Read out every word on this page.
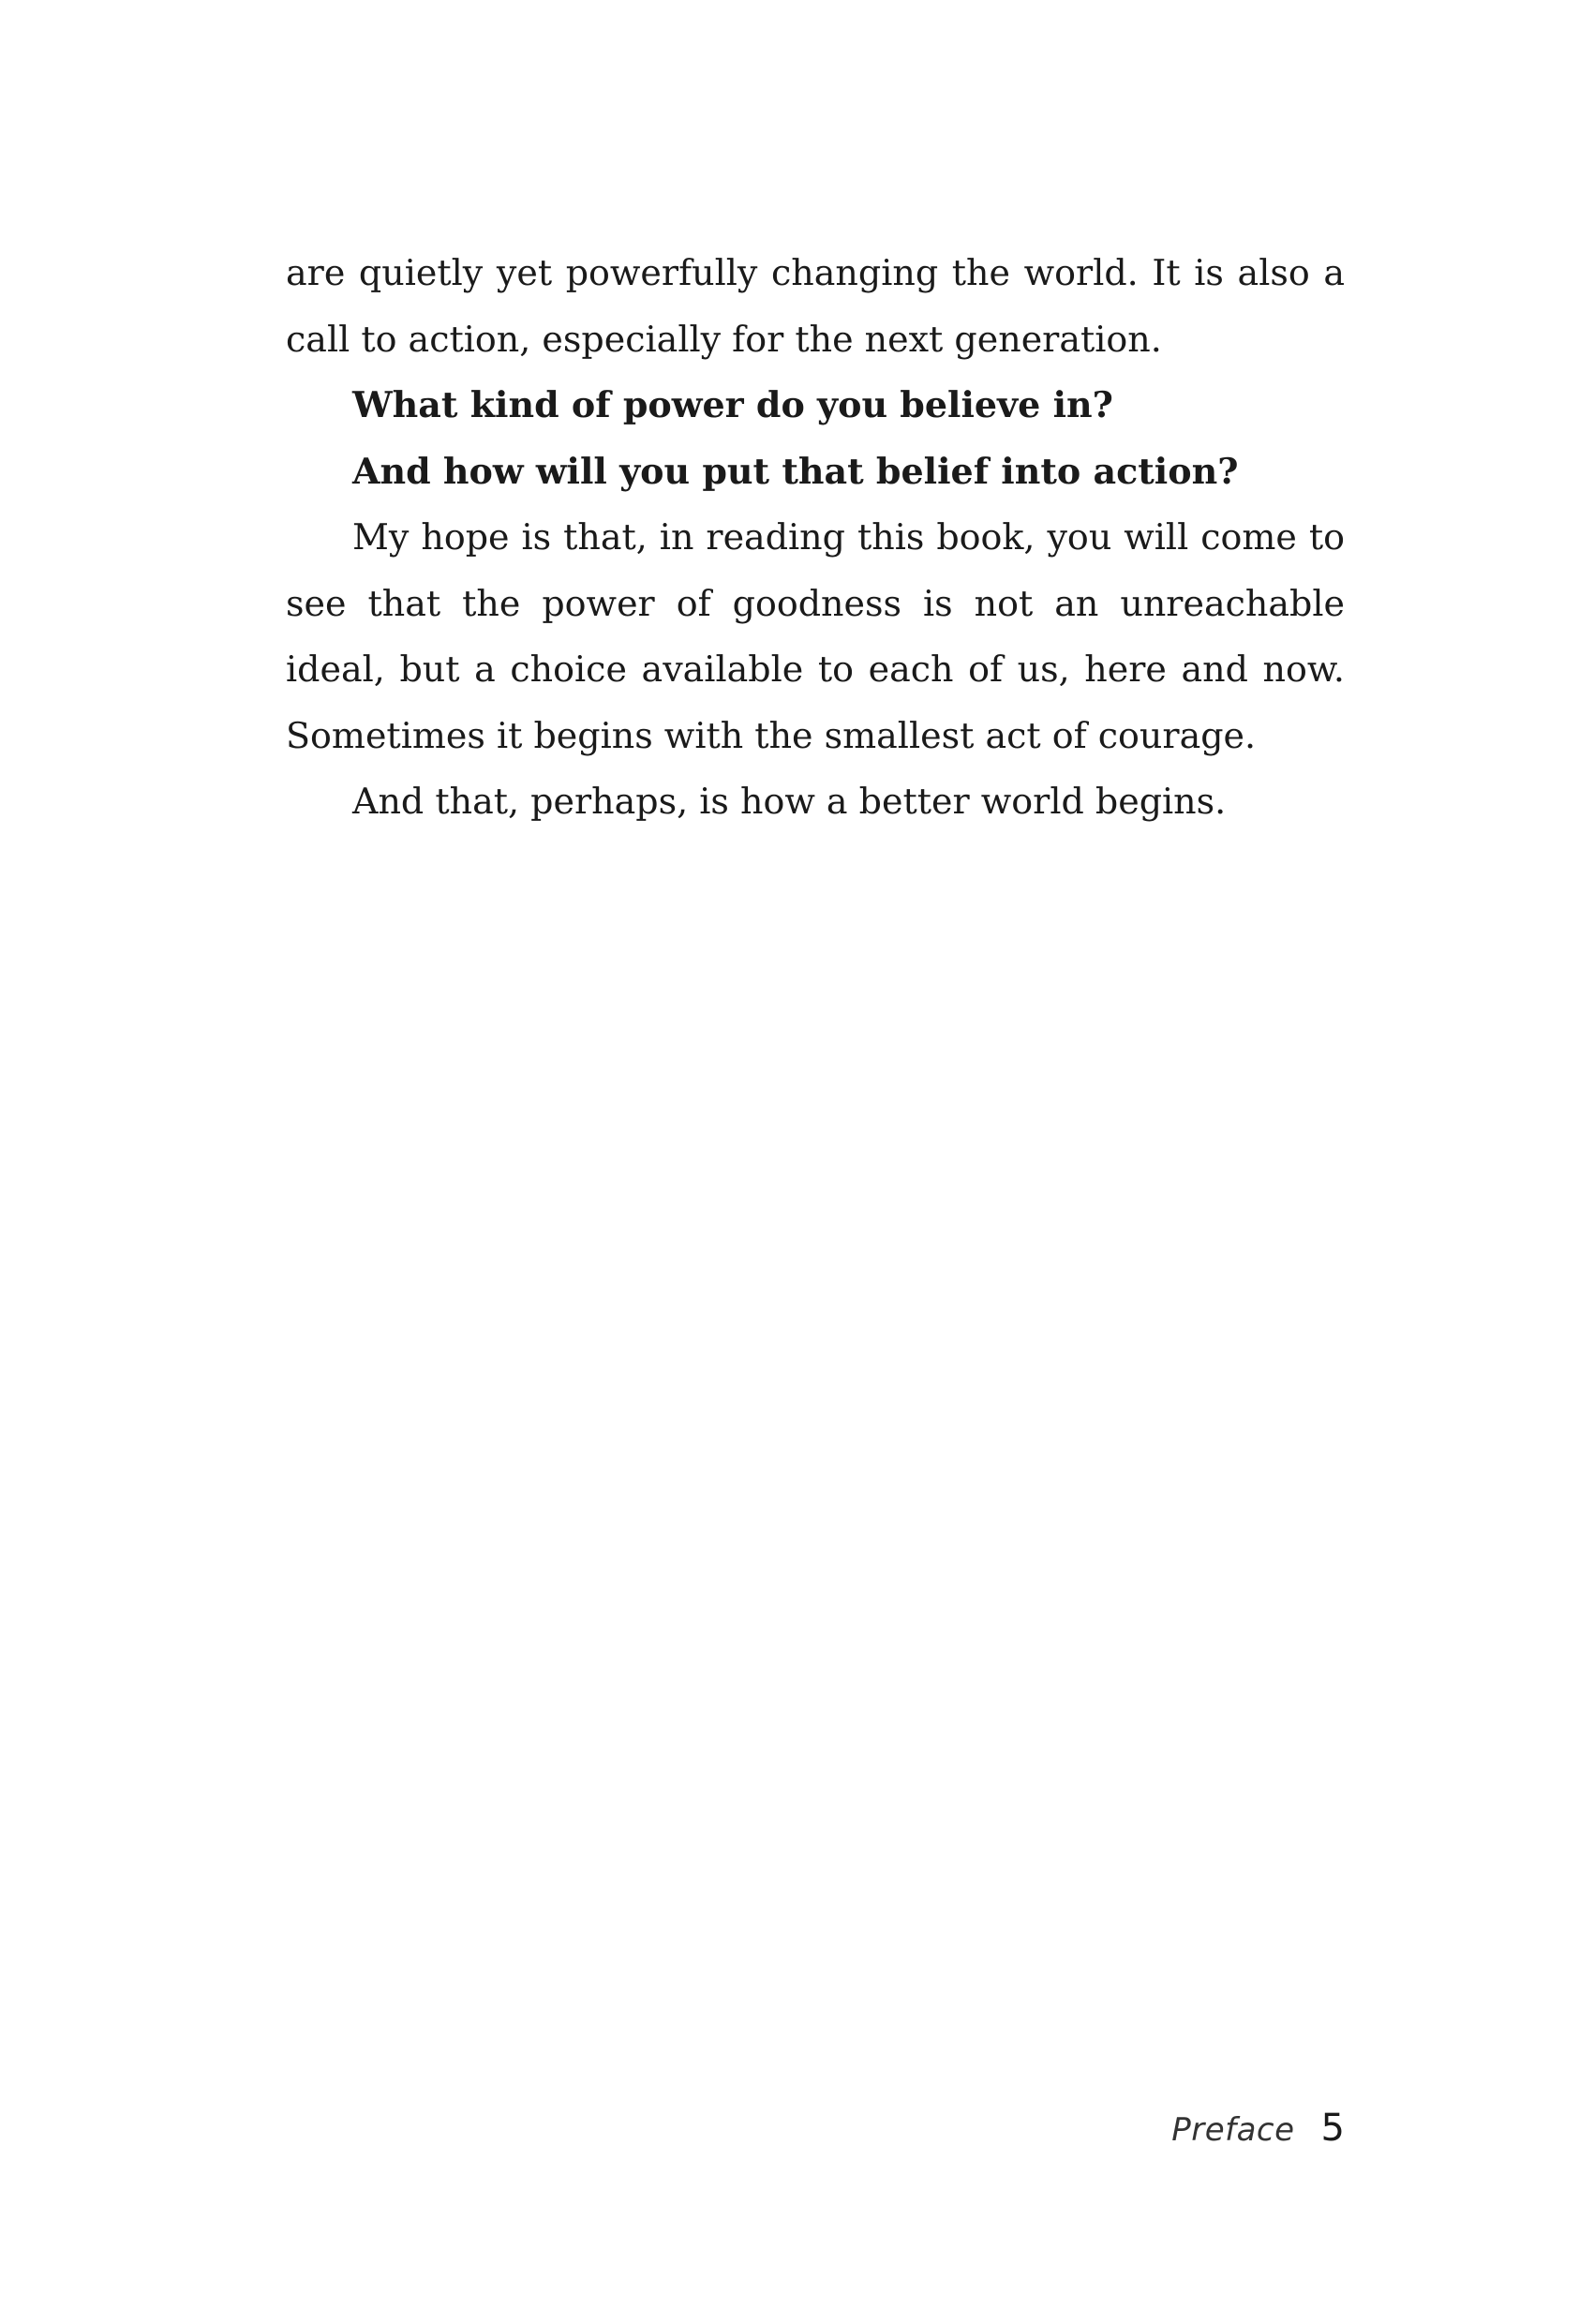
are quietly yet powerfully changing the world. It is also a call to action, especially for the next generation.

What kind of power do you believe in?

And how will you put that belief into action?

My hope is that, in reading this book, you will come to see that the power of goodness is not an unreachable ideal, but a choice available to each of us, here and now. Sometimes it begins with the smallest act of courage.

And that, perhaps, is how a better world begins.

Preface 5
